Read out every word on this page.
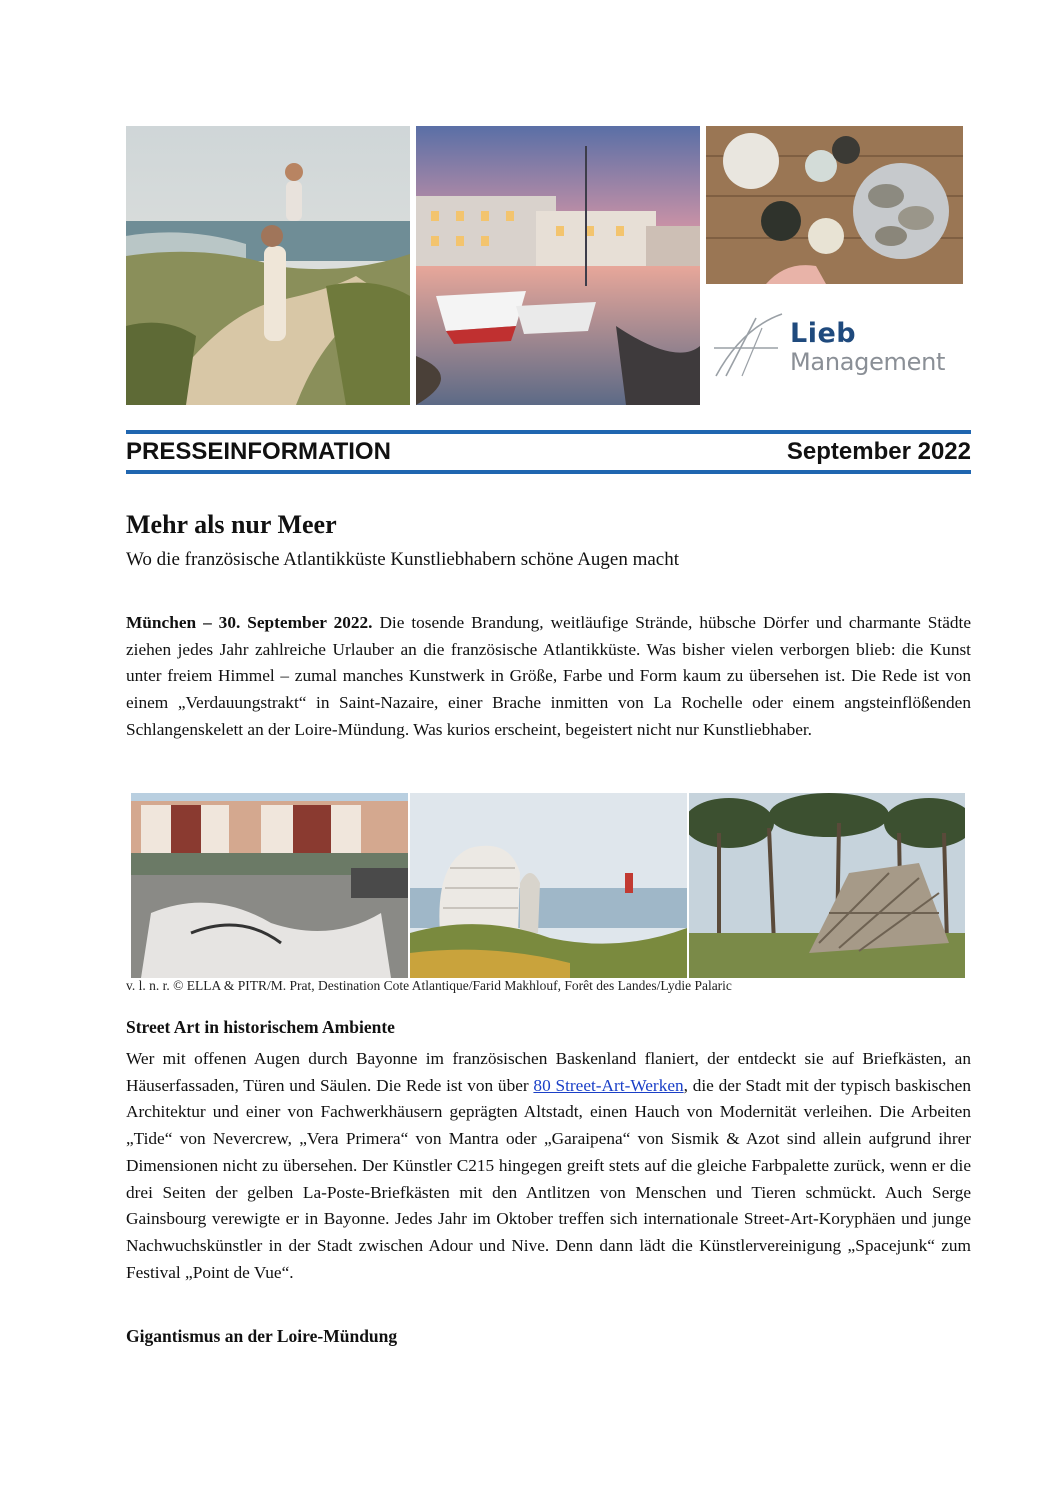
Lieb
Management
PRESSEINFORMATION	September 2022
Mehr als nur Meer
Wo die französische Atlantikküste Kunstliebhabern schöne Augen macht

München – 30. September 2022. Die tosende Brandung, weitläufige Strände, hübsche Dörfer und charmante Städte ziehen jedes Jahr zahlreiche Urlauber an die französische Atlantikküste. Was bisher vielen verborgen blieb: die Kunst unter freiem Himmel – zumal manches Kunstwerk in Größe, Farbe und Form kaum zu übersehen ist. Die Rede ist von einem „Verdauungstrakt“ in Saint-Nazaire, einer Brache inmitten von La Rochelle oder einem angsteinflößenden Schlangenskelett an der Loire-Mündung. Was kurios erscheint, begeistert nicht nur Kunstliebhaber.

v. l. n. r. © ELLA & PITR/M. Prat, Destination Cote Atlantique/Farid Makhlouf, Forêt des Landes/Lydie Palaric
Street Art in historischem Ambiente

Wer mit offenen Augen durch Bayonne im französischen Baskenland flaniert, der entdeckt sie auf Briefkästen, an Häuserfassaden, Türen und Säulen. Die Rede ist von über 80 Street-Art-Werken, die der Stadt mit der typisch baskischen Architektur und einer von Fachwerkhäusern geprägten Altstadt, einen Hauch von Modernität verleihen. Die Arbeiten „Tide“ von Nevercrew, „Vera Primera“ von Mantra oder „Garaipena“ von Sismik & Azot sind allein aufgrund ihrer Dimensionen nicht zu übersehen. Der Künstler C215 hingegen greift stets auf die gleiche Farbpalette zurück, wenn er die drei Seiten der gelben La-Poste-Briefkästen mit den Antlitzen von Menschen und Tieren schmückt. Auch Serge Gainsbourg verewigte er in Bayonne. Jedes Jahr im Oktober treffen sich internationale Street-Art-Koryphäen und junge Nachwuchskünstler in der Stadt zwischen Adour und Nive. Denn dann lädt die Künstlervereinigung „Spacejunk“ zum Festival „Point de Vue“.

Gigantismus an der Loire-Mündung
